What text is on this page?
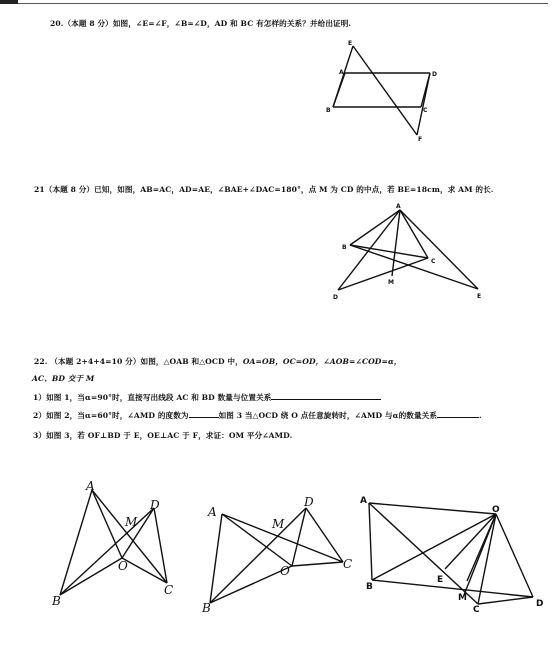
20.（本题 8 分）如图，∠E=∠F，∠B=∠D，AD 和 BC 有怎样的关系？并给出证明.
21（本题 8 分）已知，如图，AB=AC，AD=AE，∠BAE+∠DAC=180°，点 M 为 CD 的中点，若 BE=18cm，求 AM 的长.
22. （本题 2+4+4=10 分）如图，△OAB 和△OCD 中，OA=OB，OC=OD，∠AOB=∠COD=α，
AC、BD 交于 M
1）如图 1，当α=90°时，直接写出线段 AC 和 BD 数量与位置关系
2）如图 2，当α=60°时，∠AMD 的度数为	如图 3 当△OCD 绕 O 点任意旋转时，∠AMD 与α的数量关系	.
3）如图 3，若 OF⊥BD 于 E，OE⊥AC 于 F，求证：OM 平分∠AMD.
E
A	D
B	C
F
A
B
C
M
D	E
A
D
M
O
B
C
D
A
M
O	C
B
A
O
E
B
M
C
D
